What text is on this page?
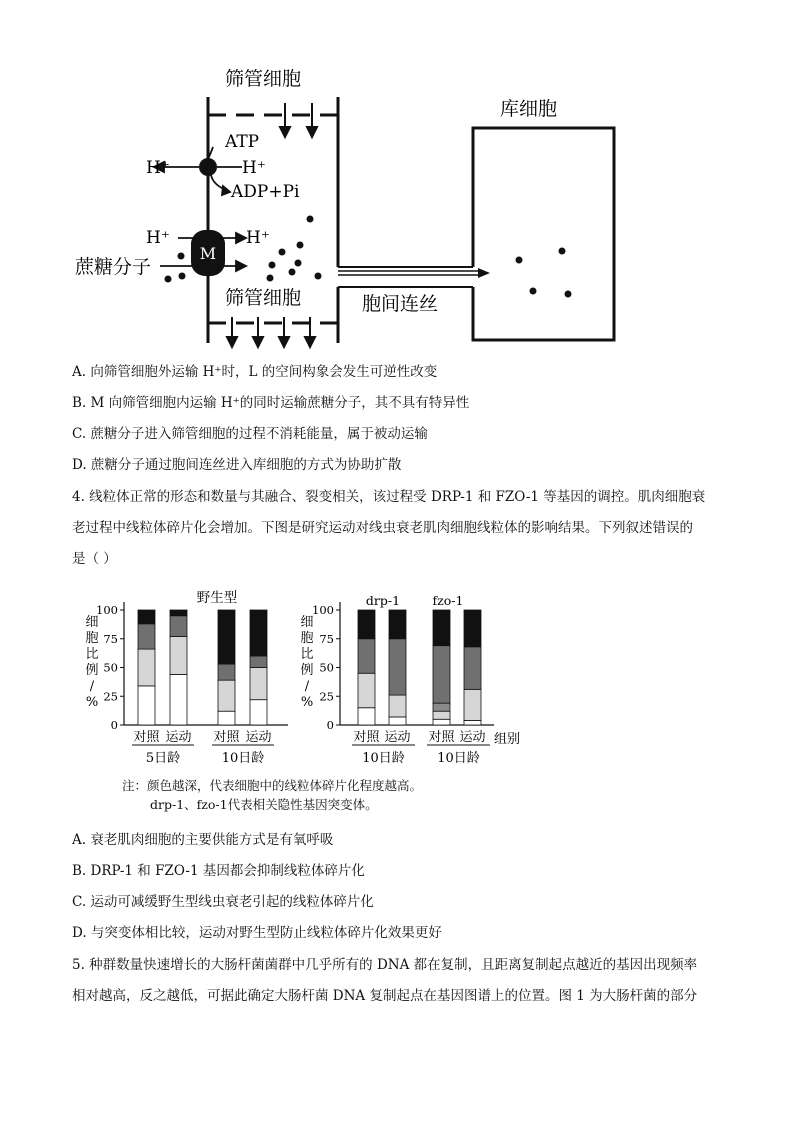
筛管细胞
筛管细胞
库细胞
胞间连丝
蔗糖分子
ATP
ADP+Pi
H⁺	H⁺
H⁺	H⁺
M
A. 向筛管细胞外运输 H⁺时，L 的空间构象会发生可逆性改变
B. M 向筛管细胞内运输 H⁺的同时运输蔗糖分子，其不具有特异性
C. 蔗糖分子进入筛管细胞的过程不消耗能量，属于被动运输
D. 蔗糖分子通过胞间连丝进入库细胞的方式为协助扩散
4. 线粒体正常的形态和数量与其融合、裂变相关，该过程受 DRP-1 和 FZO-1 等基因的调控。肌肉细胞衰
老过程中线粒体碎片化会增加。下图是研究运动对线虫衰老肌肉细胞线粒体的影响结果。下列叙述错误的
是（ ）
细
胞
比
例
/
%
0
25
50
75
100
对照 运动 对照 运动
5日龄	10日龄
野生型
细
胞
比
例
/
%
0
25
50
75
100
对照 运动 对照 运动
10日龄 10日龄
drp-1	fzo-1
组别
注：颜色越深，代表细胞中的线粒体碎片化程度越高。
drp-1、fzo-1代表相关隐性基因突变体。
A. 衰老肌肉细胞的主要供能方式是有氧呼吸
B. DRP-1 和 FZO-1 基因都会抑制线粒体碎片化
C. 运动可减缓野生型线虫衰老引起的线粒体碎片化
D. 与突变体相比较，运动对野生型防止线粒体碎片化效果更好
5. 种群数量快速增长的大肠杆菌菌群中几乎所有的 DNA 都在复制，且距离复制起点越近的基因出现频率
相对越高，反之越低，可据此确定大肠杆菌 DNA 复制起点在基因图谱上的位置。图 1 为大肠杆菌的部分
